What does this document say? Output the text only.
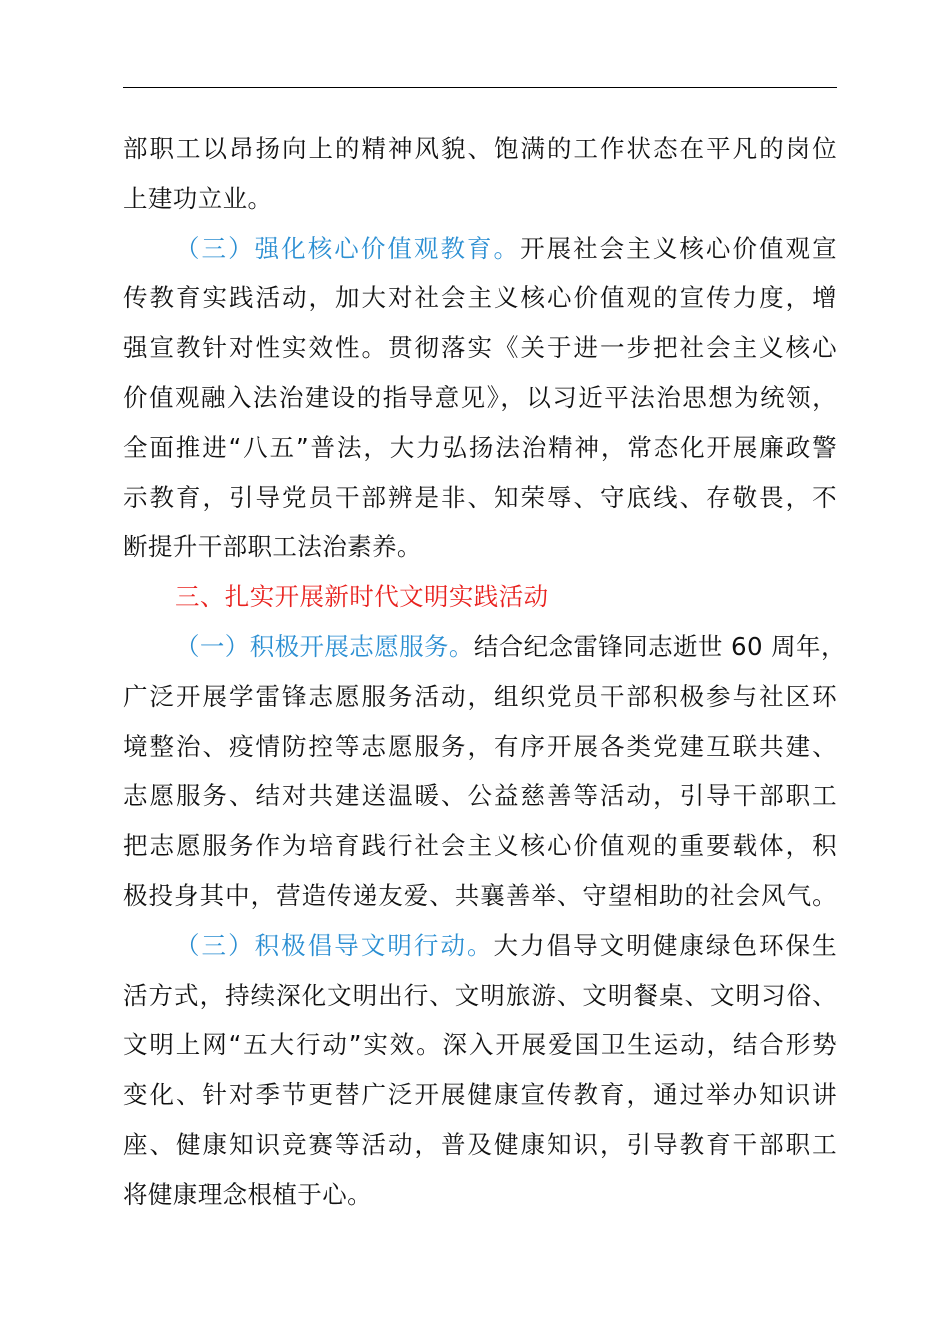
部职工以昂扬向上的精神风貌、饱满的工作状态在平凡的岗位
上建功立业。
（三）强化核心价值观教育。开展社会主义核心价值观宣
传教育实践活动，加大对社会主义核心价值观的宣传力度，增
强宣教针对性实效性。贯彻落实《关于进一步把社会主义核心
价值观融入法治建设的指导意见》，以习近平法治思想为统领，
全面推进“八五”普法，大力弘扬法治精神，常态化开展廉政警
示教育，引导党员干部辨是非、知荣辱、守底线、存敬畏，不
断提升干部职工法治素养。
三、扎实开展新时代文明实践活动
（一）积极开展志愿服务。结合纪念雷锋同志逝世 60 周年，
广泛开展学雷锋志愿服务活动，组织党员干部积极参与社区环
境整治、疫情防控等志愿服务，有序开展各类党建互联共建、
志愿服务、结对共建送温暖、公益慈善等活动，引导干部职工
把志愿服务作为培育践行社会主义核心价值观的重要载体，积
极投身其中，营造传递友爱、共襄善举、守望相助的社会风气。
（三）积极倡导文明行动。大力倡导文明健康绿色环保生
活方式，持续深化文明出行、文明旅游、文明餐桌、文明习俗、
文明上网“五大行动”实效。深入开展爱国卫生运动，结合形势
变化、针对季节更替广泛开展健康宣传教育，通过举办知识讲
座、健康知识竞赛等活动，普及健康知识，引导教育干部职工
将健康理念根植于心。
